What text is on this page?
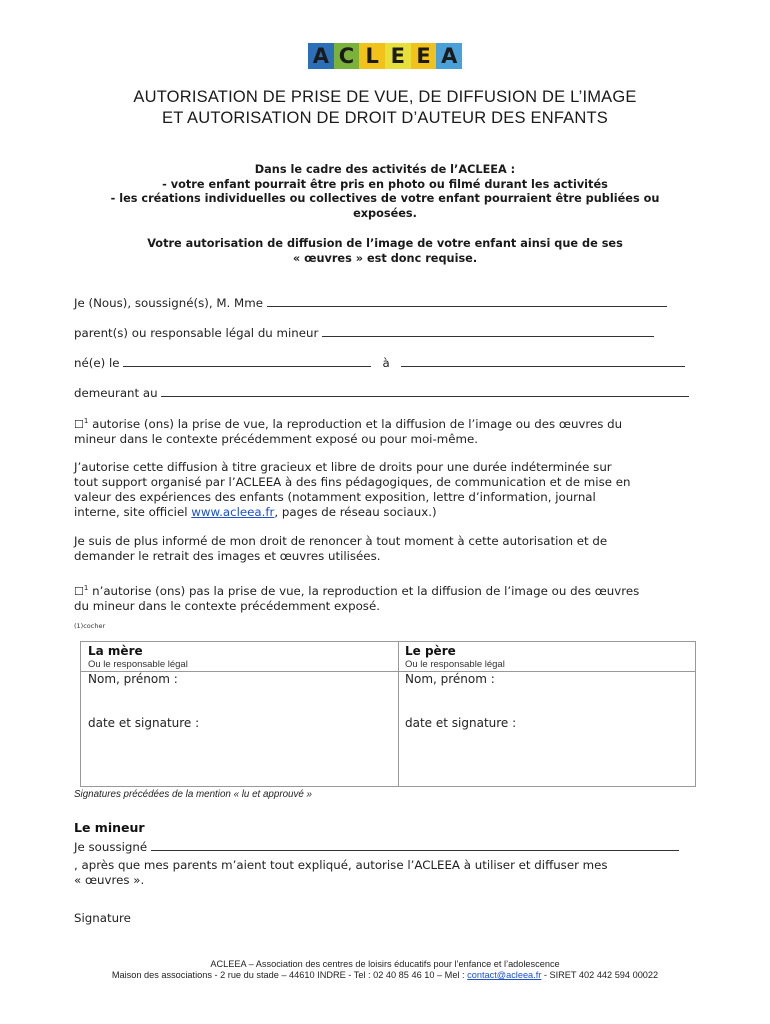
A C L E E A
AUTORISATION DE PRISE DE VUE, DE DIFFUSION DE L’IMAGE
ET AUTORISATION DE DROIT D’AUTEUR DES ENFANTS
Dans le cadre des activités de l’ACLEEA :
- votre enfant pourrait être pris en photo ou filmé durant les activités
- les créations individuelles ou collectives de votre enfant pourraient être publiées ou
exposées.
Votre autorisation de diffusion de l’image de votre enfant ainsi que de ses
« œuvres » est donc requise.
Je (Nous), soussigné(s), M. Mme
parent(s) ou responsable légal du mineur
né(e) le	à
demeurant au
☐$^1$ autorise (ons) la prise de vue, la reproduction et la diffusion de l’image ou des œuvres du
mineur dans le contexte précédemment exposé ou pour moi-même.
J’autorise cette diffusion à titre gracieux et libre de droits pour une durée indéterminée sur
tout support organisé par l’ACLEEA à des fins pédagogiques, de communication et de mise en
valeur des expériences des enfants (notamment exposition, lettre d’information, journal
interne, site officiel www.acleea.fr, pages de réseau sociaux.)
Je suis de plus informé de mon droit de renoncer à tout moment à cette autorisation et de
demander le retrait des images et œuvres utilisées.
☐$^1$ n’autorise (ons) pas la prise de vue, la reproduction et la diffusion de l’image ou des œuvres
du mineur dans le contexte précédemment exposé.
(1)cocher
La mère
Ou le responsable légal
Nom, prénom :
date et signature :
Le père
Ou le responsable légal
Nom, prénom :
date et signature :
Signatures précédées de la mention « lu et approuvé »
Le mineur
Je soussigné
, après que mes parents m’aient tout expliqué, autorise l’ACLEEA à utiliser et diffuser mes
« œuvres ».
Signature
ACLEEA – Association des centres de loisirs éducatifs pour l’enfance et l’adolescence
Maison des associations - 2 rue du stade – 44610 INDRE - Tel : 02 40 85 46 10 – Mel : contact@acleea.fr - SIRET 402 442 594 00022
